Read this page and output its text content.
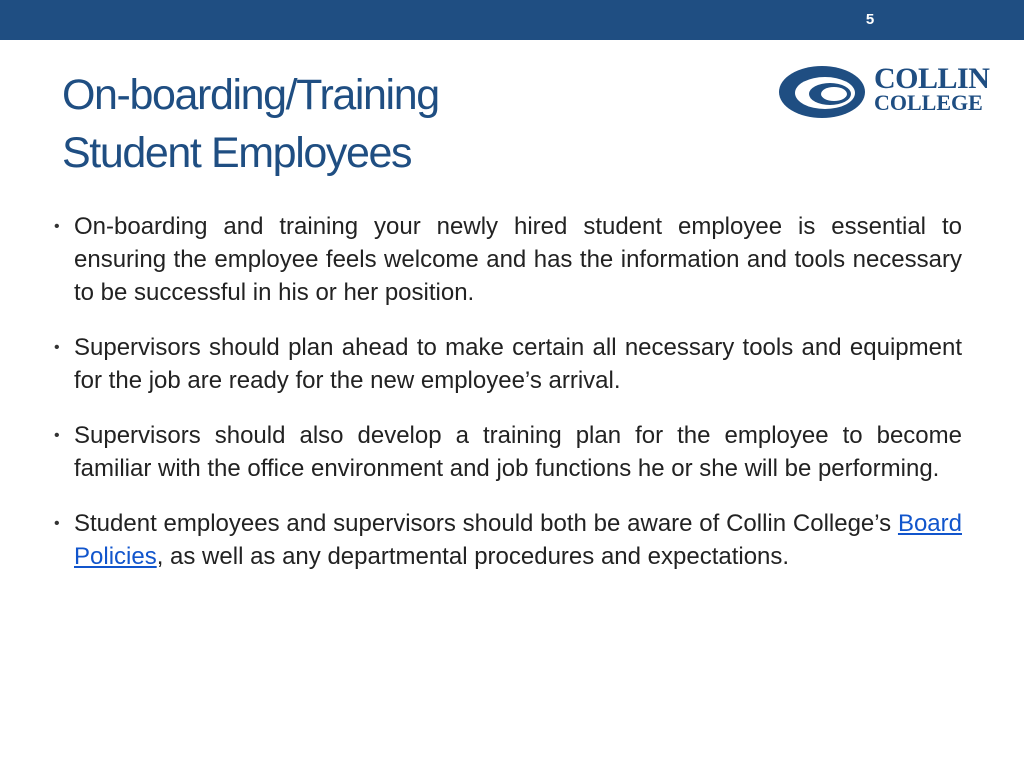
5
On-boarding/Training
Student Employees
COLLIN
COLLEGE
• On-boarding and training your newly hired student employee is essential to ensuring the employee feels welcome and has the information and tools necessary to be successful in his or her position.
• Supervisors should plan ahead to make certain all necessary tools and equipment for the job are ready for the new employee’s arrival.
• Supervisors should also develop a training plan for the employee to become familiar with the office environment and job functions he or she will be performing.
• Student employees and supervisors should both be aware of Collin College’s Board Policies, as well as any departmental procedures and expectations.
